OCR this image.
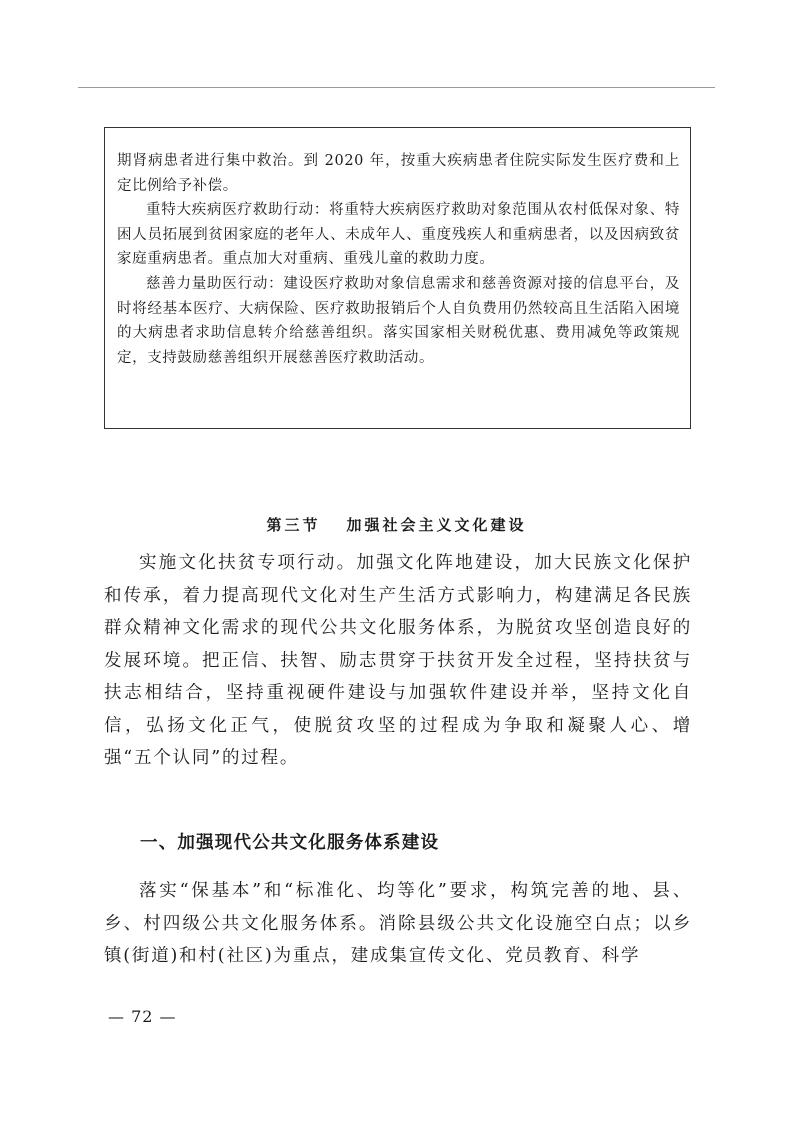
期肾病患者进行集中救治。到 2020 年，按重大疾病患者住院实际发生医疗费和上定比例给予补偿。

重特大疾病医疗救助行动：将重特大疾病医疗救助对象范围从农村低保对象、特困人员拓展到贫困家庭的老年人、未成年人、重度残疾人和重病患者，以及因病致贫家庭重病患者。重点加大对重病、重残儿童的救助力度。

慈善力量助医行动：建设医疗救助对象信息需求和慈善资源对接的信息平台，及时将经基本医疗、大病保险、医疗救助报销后个人自负费用仍然较高且生活陷入困境的大病患者求助信息转介给慈善组织。落实国家相关财税优惠、费用减免等政策规定，支持鼓励慈善组织开展慈善医疗救助活动。

第三节 加强社会主义文化建设

实施文化扶贫专项行动。加强文化阵地建设，加大民族文化保护和传承，着力提高现代文化对生产生活方式影响力，构建满足各民族群众精神文化需求的现代公共文化服务体系，为脱贫攻坚创造良好的发展环境。把正信、扶智、励志贯穿于扶贫开发全过程，坚持扶贫与扶志相结合，坚持重视硬件建设与加强软件建设并举，坚持文化自信，弘扬文化正气，使脱贫攻坚的过程成为争取和凝聚人心、增强“五个认同”的过程。

一、加强现代公共文化服务体系建设

落实“保基本”和“标准化、均等化”要求，构筑完善的地、县、乡、村四级公共文化服务体系。消除县级公共文化设施空白点；以乡镇(街道)和村(社区)为重点，建成集宣传文化、党员教育、科学

— 72 —
